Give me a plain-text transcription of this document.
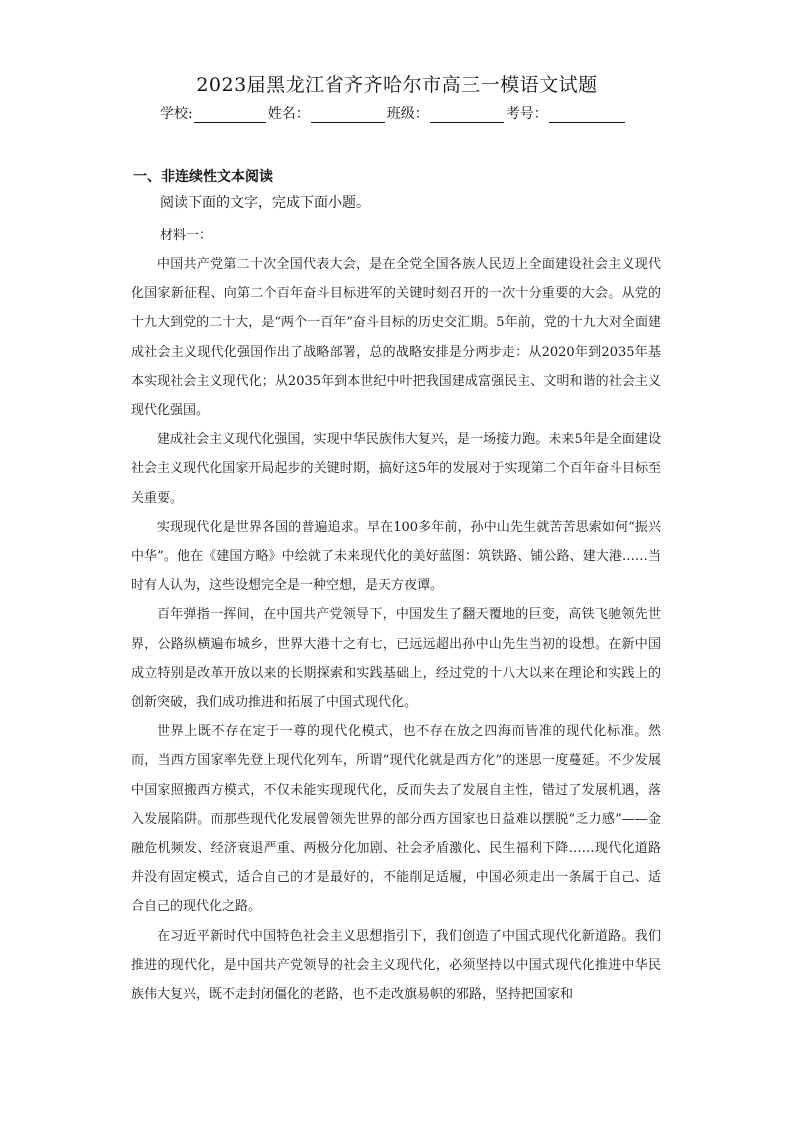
2023届黑龙江省齐齐哈尔市高三一模语文试题
学校:	姓名：	班级：	考号：
一、非连续性文本阅读
阅读下面的文字，完成下面小题。
材料一：

中国共产党第二十次全国代表大会，是在全党全国各族人民迈上全面建设社会主义现代化国家新征程、向第二个百年奋斗目标进军的关键时刻召开的一次十分重要的大会。从党的十九大到党的二十大，是“两个一百年”奋斗目标的历史交汇期。5年前，党的十九大对全面建成社会主义现代化强国作出了战略部署，总的战略安排是分两步走：从2020年到2035年基本实现社会主义现代化；从2035年到本世纪中叶把我国建成富强民主、文明和谐的社会主义现代化强国。

建成社会主义现代化强国，实现中华民族伟大复兴，是一场接力跑。未来5年是全面建设社会主义现代化国家开局起步的关键时期，搞好这5年的发展对于实现第二个百年奋斗目标至关重要。

实现现代化是世界各国的普遍追求。早在100多年前，孙中山先生就苦苦思索如何“振兴中华”。他在《建国方略》中绘就了未来现代化的美好蓝图：筑铁路、铺公路、建大港……当时有人认为，这些设想完全是一种空想，是天方夜谭。

百年弹指一挥间，在中国共产党领导下，中国发生了翻天覆地的巨变，高铁飞驰领先世界，公路纵横遍布城乡，世界大港十之有七，已远远超出孙中山先生当初的设想。在新中国成立特别是改革开放以来的长期探索和实践基础上，经过党的十八大以来在理论和实践上的创新突破，我们成功推进和拓展了中国式现代化。

世界上既不存在定于一尊的现代化模式，也不存在放之四海而皆准的现代化标准。然而，当西方国家率先登上现代化列车，所谓“现代化就是西方化”的迷思一度蔓延。不少发展中国家照搬西方模式，不仅未能实现现代化，反而失去了发展自主性，错过了发展机遇，落入发展陷阱。而那些现代化发展曾领先世界的部分西方国家也日益难以摆脱“乏力感”——金融危机频发、经济衰退严重、两极分化加剧、社会矛盾激化、民生福利下降……现代化道路并没有固定模式，适合自己的才是最好的，不能削足适履，中国必须走出一条属于自己、适合自己的现代化之路。

在习近平新时代中国特色社会主义思想指引下，我们创造了中国式现代化新道路。我们推进的现代化，是中国共产党领导的社会主义现代化，必须坚持以中国式现代化推进中华民族伟大复兴，既不走封闭僵化的老路，也不走改旗易帜的邪路，坚持把国家和
